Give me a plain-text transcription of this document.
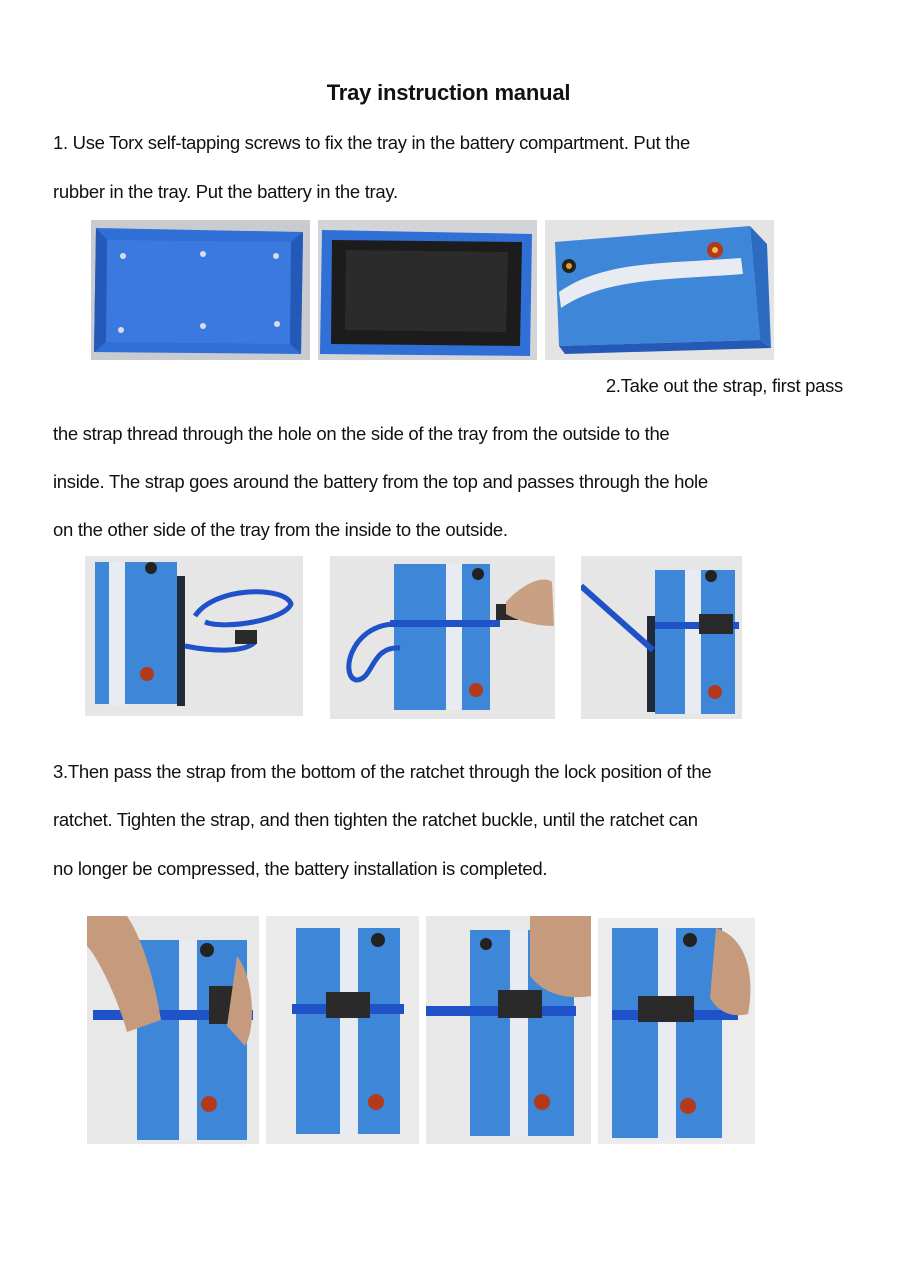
Tray instruction manual

1. Use Torx self-tapping screws to fix the tray in the battery compartment. Put the

rubber in the tray. Put the battery in the tray.

2.Take out the strap, first pass

the strap thread through the hole on the side of the tray from the outside to the

inside. The strap goes around the battery from the top and passes through the hole

on the other side of the tray from the inside to the outside.

3.Then pass the strap from the bottom of the ratchet through the lock position of the

ratchet. Tighten the strap, and then tighten the ratchet buckle, until the ratchet can

no longer be compressed, the battery installation is completed.
